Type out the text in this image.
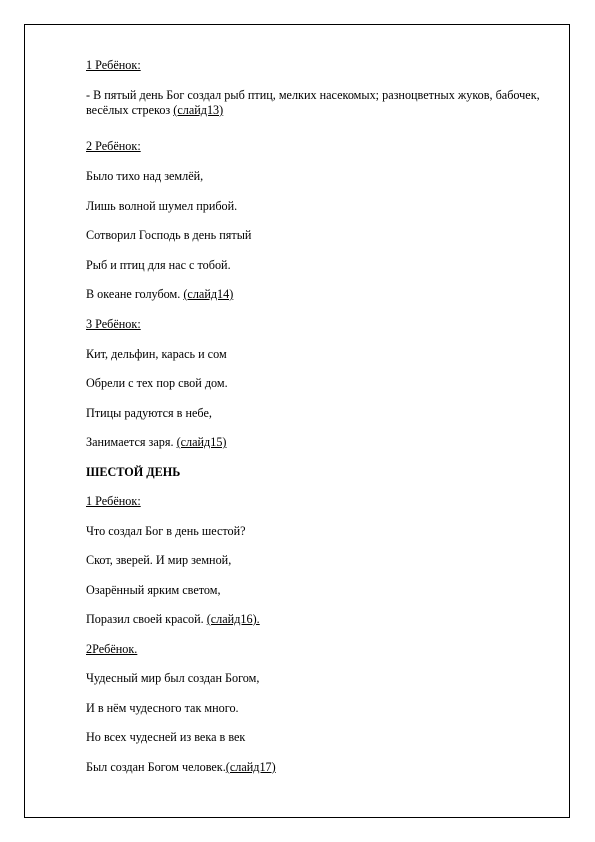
1 Ребёнок:
- В пятый день Бог создал рыб птиц, мелких насекомых; разноцветных жуков, бабочек, весёлых стрекоз (слайд13)
2 Ребёнок:
Было тихо над землёй,
Лишь волной шумел прибой.
Сотворил Господь в день пятый
Рыб и птиц для нас с тобой.
В океане голубом. (слайд14)
3 Ребёнок:
Кит, дельфин, карась и сом
Обрели с тех пор свой дом.
Птицы радуются в небе,
Занимается заря. (слайд15)
ШЕСТОЙ ДЕНЬ
1 Ребёнок:
Что создал Бог в день шестой?
Скот, зверей. И мир земной,
Озарённый ярким светом,
Поразил своей красой. (слайд16).
2Ребёнок.
Чудесный мир был создан Богом,
И в нём чудесного так много.
Но всех чудесней из века в век
Был создан Богом человек.(слайд17)
